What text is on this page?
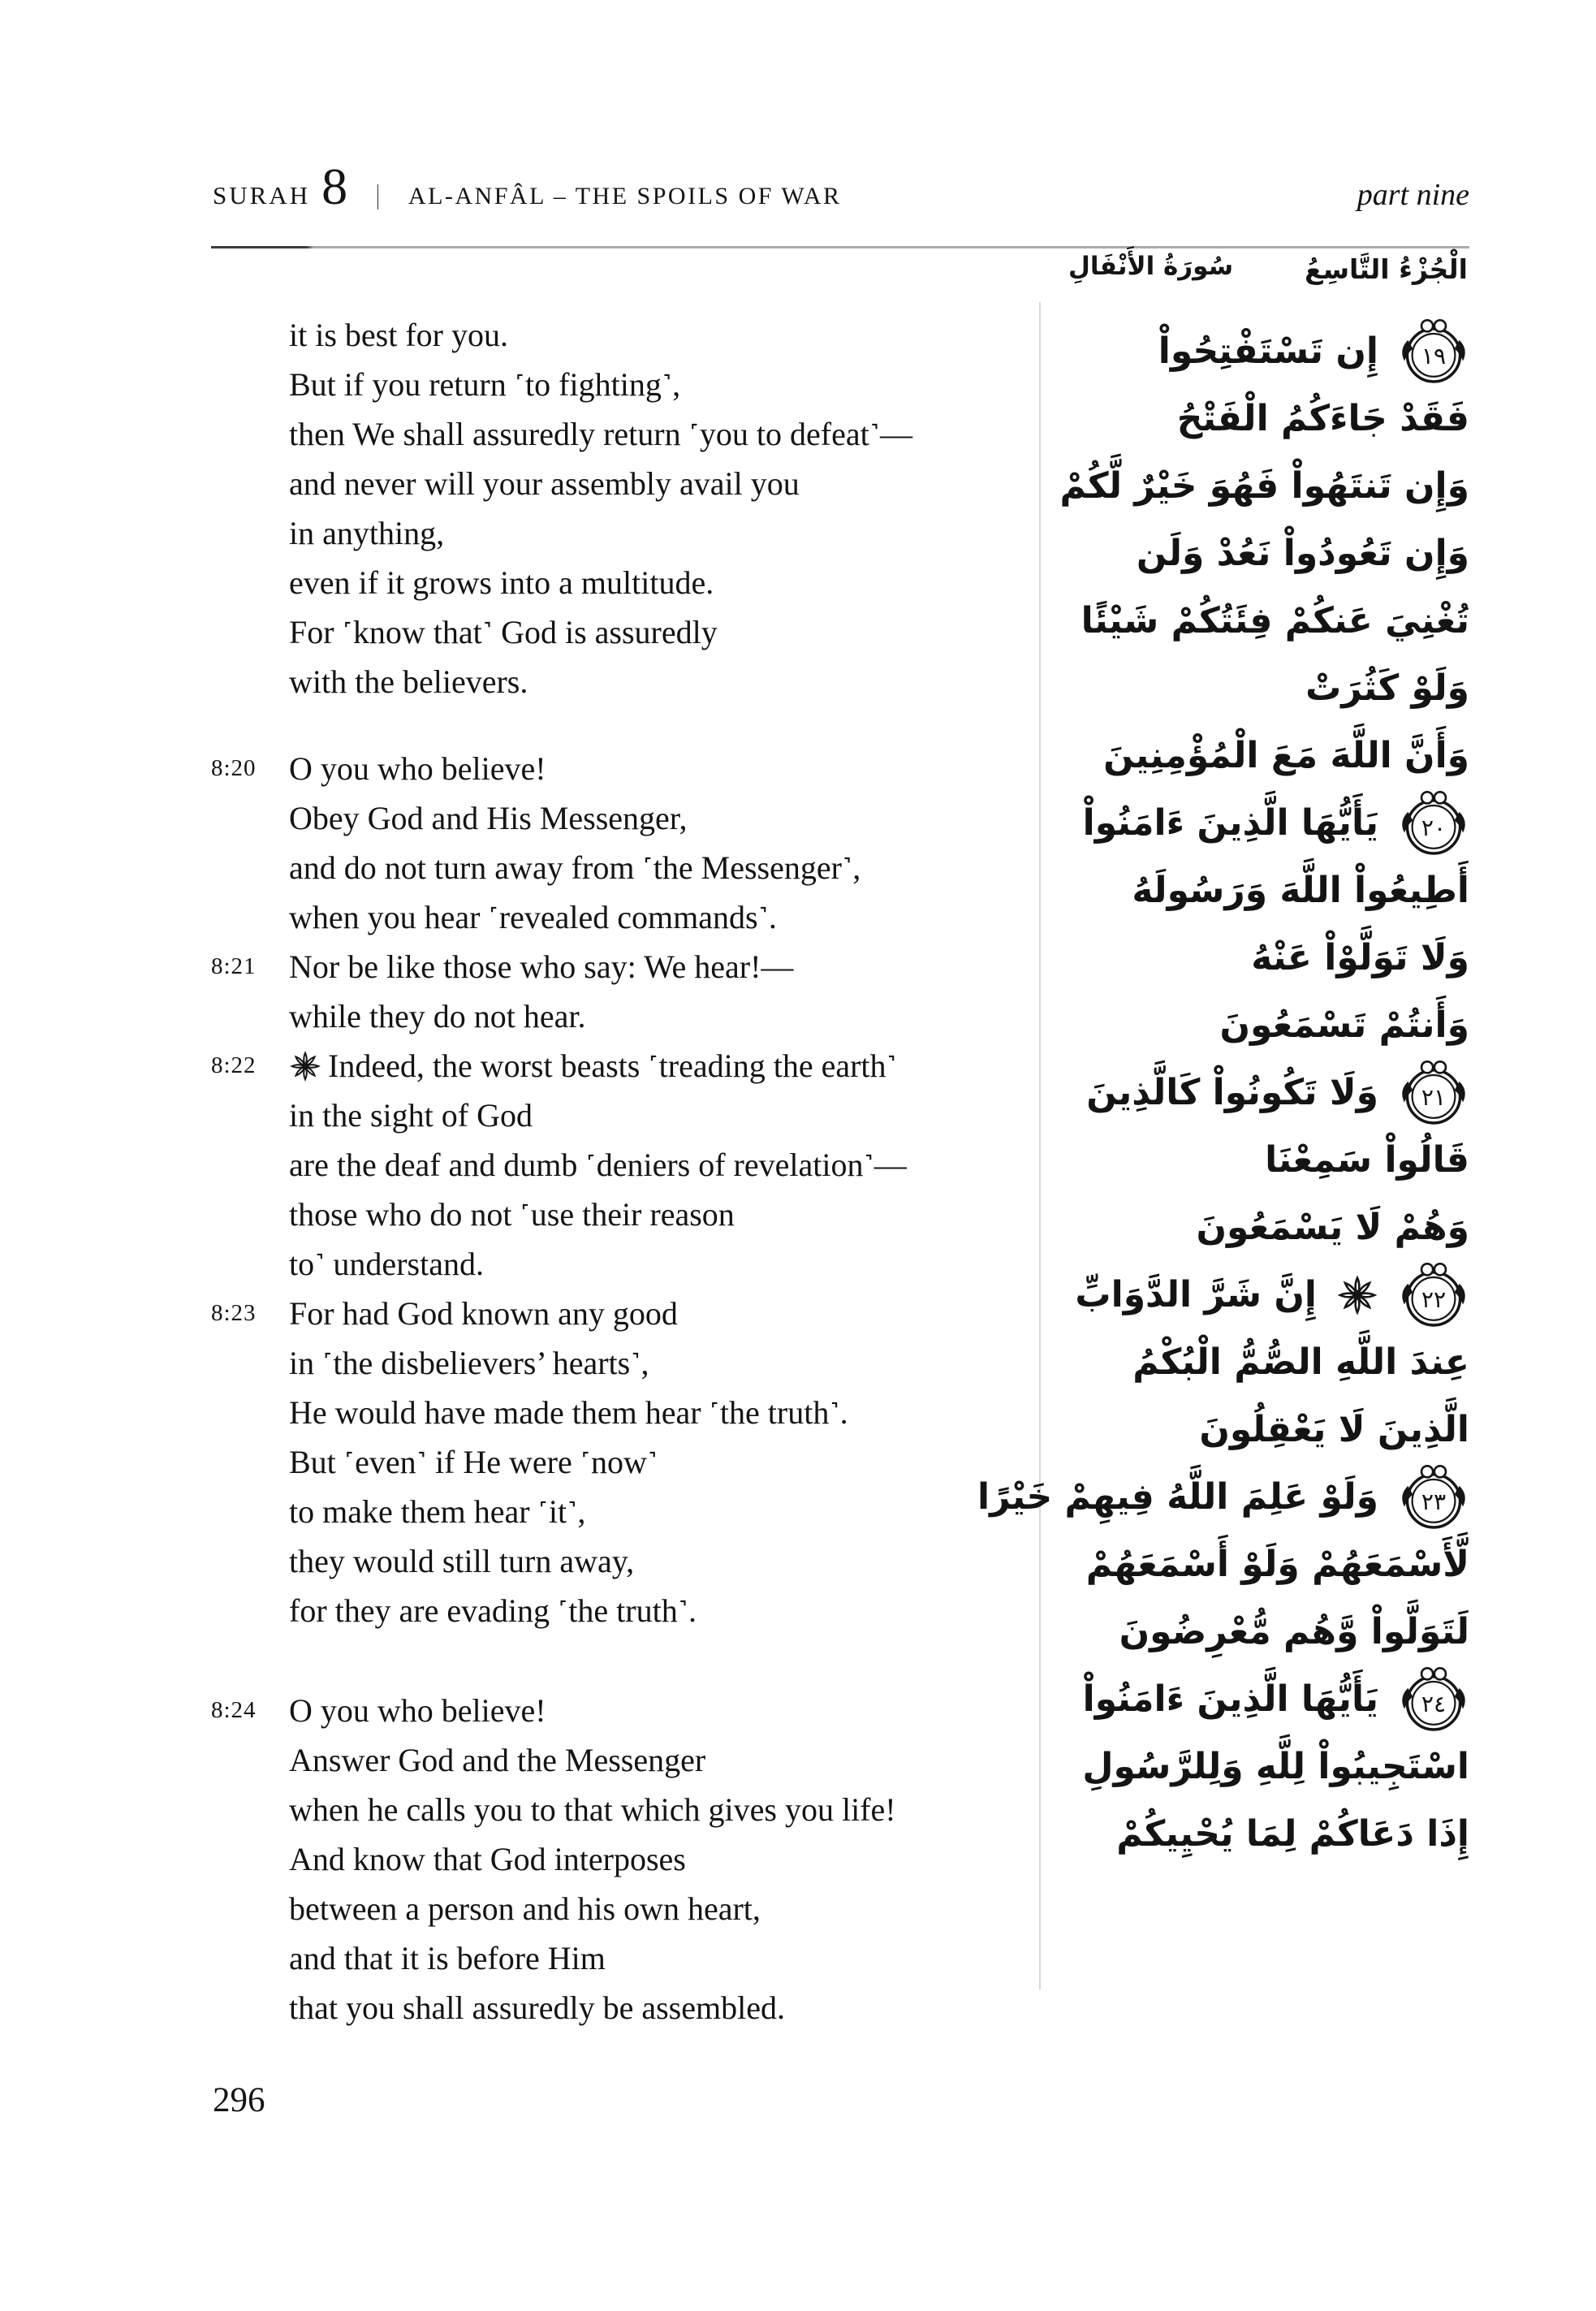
SURAH 8 | AL-ANFÂL – THE SPOILS OF WAR	part nine
الْجُزْءُ التَّاسِعُ
سُورَةُ الأَنْفَالِ
it is best for you.
But if you return ˹to fighting˺,
then We shall assuredly return ˹you to defeat˺—
and never will your assembly avail you
in anything,
even if it grows into a multitude.
For ˹know that˺ God is assuredly
with the believers.
8:20	O you who believe!
Obey God and His Messenger,
and do not turn away from ˹the Messenger˺,
when you hear ˹revealed commands˺.
8:21	Nor be like those who say: We hear!—
while they do not hear.
8:22	Indeed, the worst beasts ˹treading the earth˺
in the sight of God
are the deaf and dumb ˹deniers of revelation˺—
those who do not ˹use their reason
to˺ understand.
8:23	For had God known any good
in ˹the disbelievers’ hearts˺,
He would have made them hear ˹the truth˺.
But ˹even˺ if He were ˹now˺
to make them hear ˹it˺,
they would still turn away,
for they are evading ˹the truth˺.
8:24	O you who believe!
Answer God and the Messenger
when he calls you to that which gives you life!
And know that God interposes
between a person and his own heart,
and that it is before Him
that you shall assuredly be assembled.
١٩
إِن تَسْتَفْتِحُواْ
فَقَدْ جَاءَكُمُ الْفَتْحُ
وَإِن تَنتَهُواْ فَهُوَ خَيْرٌ لَّكُمْ
وَإِن تَعُودُواْ نَعُدْ وَلَن
تُغْنِيَ عَنكُمْ فِئَتُكُمْ شَيْئًا
وَلَوْ كَثُرَتْ
وَأَنَّ اللَّهَ مَعَ الْمُؤْمِنِينَ
٢٠
يَأَيُّهَا الَّذِينَ ءَامَنُواْ
أَطِيعُواْ اللَّهَ وَرَسُولَهُ
وَلَا تَوَلَّوْاْ عَنْهُ
وَأَنتُمْ تَسْمَعُونَ
٢١
وَلَا تَكُونُواْ كَالَّذِينَ
قَالُواْ سَمِعْنَا
وَهُمْ لَا يَسْمَعُونَ
٢٢
إِنَّ شَرَّ الدَّوَابِّ
عِندَ اللَّهِ الصُّمُّ الْبُكْمُ
الَّذِينَ لَا يَعْقِلُونَ
٢٣
وَلَوْ عَلِمَ اللَّهُ فِيهِمْ خَيْرًا
لَّأَسْمَعَهُمْ وَلَوْ أَسْمَعَهُمْ
لَتَوَلَّواْ وَّهُم مُّعْرِضُونَ
٢٤
يَأَيُّهَا الَّذِينَ ءَامَنُواْ
اسْتَجِيبُواْ لِلَّهِ وَلِلرَّسُولِ
إِذَا دَعَاكُمْ لِمَا يُحْيِيكُمْ
296
